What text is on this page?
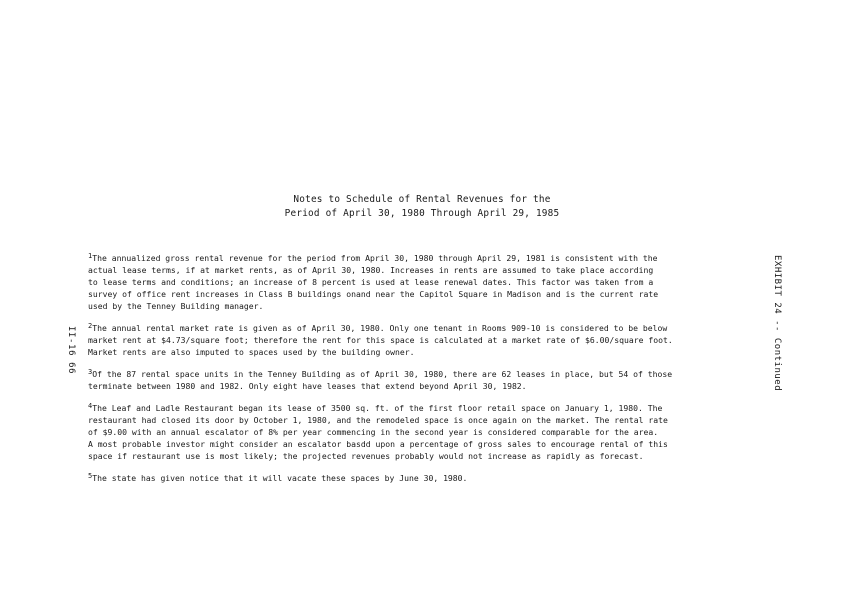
Notes to Schedule of Rental Revenues for the
Period of April 30, 1980 Through April 29, 1985
II-16 66	EXHIBIT 24 -- Continued
$^1$The annualized gross rental revenue for the period from April 30, 1980 through April 29, 1981 is consistent with the
actual lease terms, if at market rents, as of April 30, 1980. Increases in rents are assumed to take place according
to lease terms and conditions; an increase of 8 percent is used at lease renewal dates. This factor was taken from a
survey of office rent increases in Class B buildings onand near the Capitol Square in Madison and is the current rate
used by the Tenney Building manager.
$^2$The annual rental market rate is given as of April 30, 1980. Only one tenant in Rooms 909-10 is considered to be below
market rent at $4.73/square foot; therefore the rent for this space is calculated at a market rate of $6.00/square foot.
Market rents are also imputed to spaces used by the building owner.
$^3$Of the 87 rental space units in the Tenney Building as of April 30, 1980, there are 62 leases in place, but 54 of those
terminate between 1980 and 1982. Only eight have leases that extend beyond April 30, 1982.
$^4$The Leaf and Ladle Restaurant began its lease of 3500 sq. ft. of the first floor retail space on January 1, 1980. The
restaurant had closed its door by October 1, 1980, and the remodeled space is once again on the market. The rental rate
of $9.00 with an annual escalator of 8% per year commencing in the second year is considered comparable for the area.
A most probable investor might consider an escalator basdd upon a percentage of gross sales to encourage rental of this
space if restaurant use is most likely; the projected revenues probably would not increase as rapidly as forecast.
$^5$The state has given notice that it will vacate these spaces by June 30, 1980.
